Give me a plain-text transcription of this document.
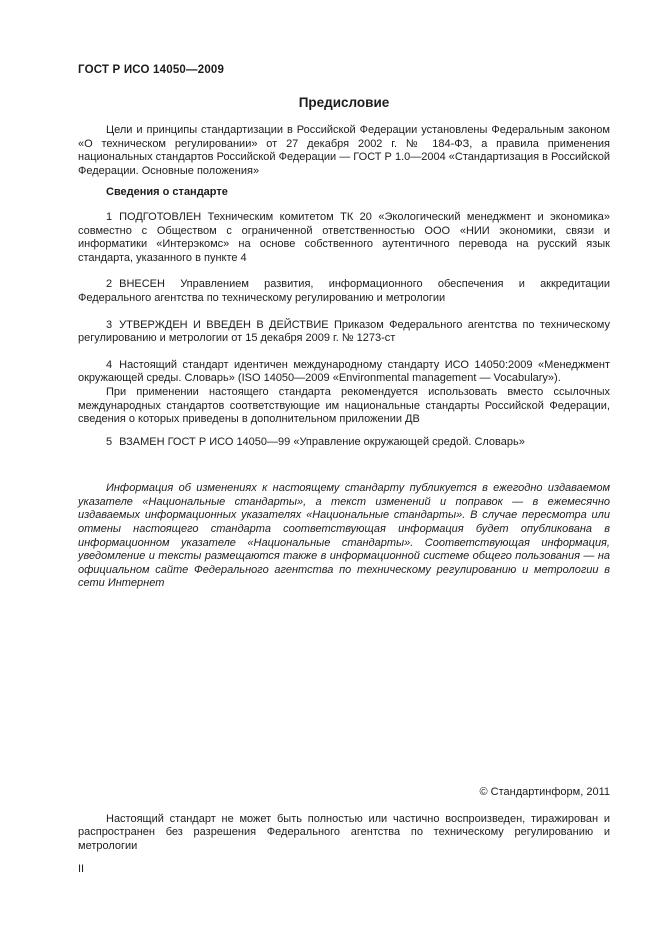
ГОСТ Р ИСО 14050—2009
Предисловие

Цели и принципы стандартизации в Российской Федерации установлены Федеральным законом «О техническом регулировании» от 27 декабря 2002 г. № 184-ФЗ, а правила применения национальных стандартов Российской Федерации — ГОСТ Р 1.0—2004 «Стандартизация в Российской Федерации. Основные положения»

Сведения о стандарте

1 ПОДГОТОВЛЕН Техническим комитетом ТК 20 «Экологический менеджмент и экономика» совместно с Обществом с ограниченной ответственностью ООО «НИИ экономики, связи и информатики «Интерэкомс» на основе собственного аутентичного перевода на русский язык стандарта, указанного в пункте 4

2 ВНЕСЕН Управлением развития, информационного обеспечения и аккредитации Федерального агентства по техническому регулированию и метрологии

3 УТВЕРЖДЕН И ВВЕДЕН В ДЕЙСТВИЕ Приказом Федерального агентства по техническому регулированию и метрологии от 15 декабря 2009 г. № 1273-ст

4 Настоящий стандарт идентичен международному стандарту ИСО 14050:2009 «Менеджмент окружающей среды. Словарь» (ISO 14050—2009 «Environmental management — Vocabulary»).

При применении настоящего стандарта рекомендуется использовать вместо ссылочных международных стандартов соответствующие им национальные стандарты Российской Федерации, сведения о которых приведены в дополнительном приложении ДВ

5 ВЗАМЕН ГОСТ Р ИСО 14050—99 «Управление окружающей средой. Словарь»

Информация об изменениях к настоящему стандарту публикуется в ежегодно издаваемом указателе «Национальные стандарты», а текст изменений и поправок — в ежемесячно издаваемых информационных указателях «Национальные стандарты». В случае пересмотра или отмены настоящего стандарта соответствующая информация будет опубликована в информационном указателе «Национальные стандарты». Соответствующая информация, уведомление и тексты размещаются также в информационной системе общего пользования — на официальном сайте Федерального агентства по техническому регулированию и метрологии в сети Интернет

© Стандартинформ, 2011

Настоящий стандарт не может быть полностью или частично воспроизведен, тиражирован и распространен без разрешения Федерального агентства по техническому регулированию и метрологии

II
